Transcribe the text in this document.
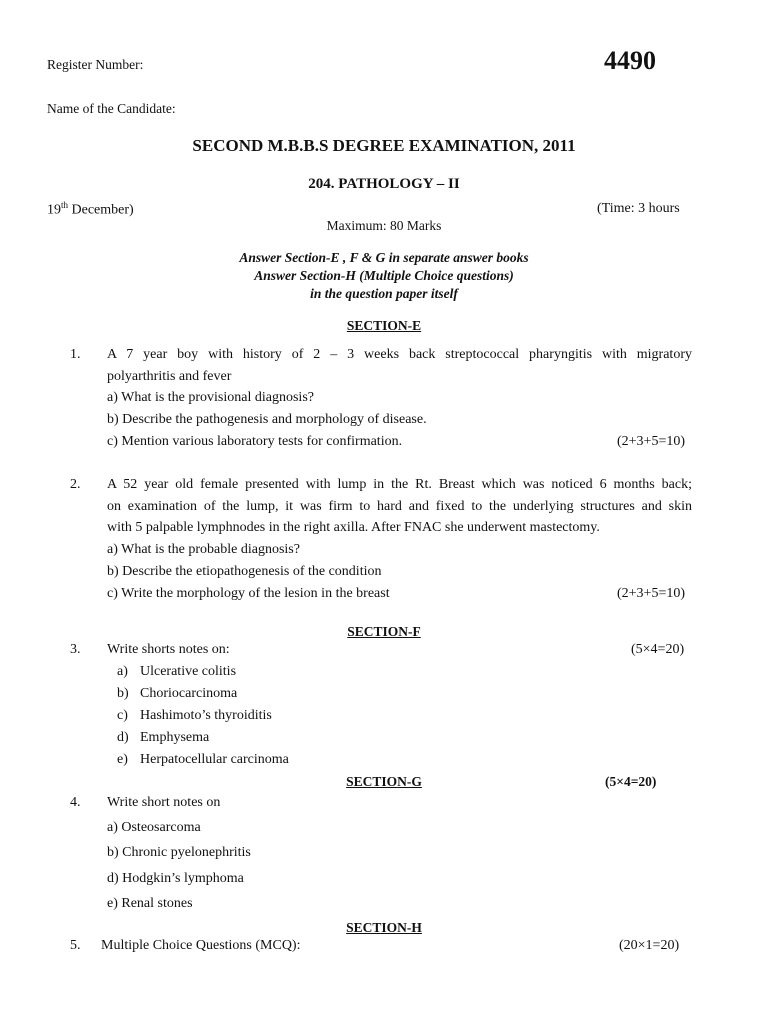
Register Number:	4490
Name of the Candidate:
SECOND M.B.B.S DEGREE EXAMINATION, 2011
204. PATHOLOGY – II
19th December)	(Time: 3 hours
Maximum: 80 Marks
Answer Section-E , F & G in separate answer books
Answer Section-H (Multiple Choice questions)
in the question paper itself
SECTION-E
1. A 7 year boy with history of 2 – 3 weeks back streptococcal pharyngitis with migratory
polyarthritis and fever
a) What is the provisional diagnosis?
b) Describe the pathogenesis and morphology of disease.
c) Mention various laboratory tests for confirmation.	(2+3+5=10)
2. A 52 year old female presented with lump in the Rt. Breast which was noticed 6 months back;
on examination of the lump, it was firm to hard and fixed to the underlying structures and skin
with 5 palpable lymphnodes in the right axilla. After FNAC she underwent mastectomy.
a) What is the probable diagnosis?
b) Describe the etiopathogenesis of the condition
c) Write the morphology of the lesion in the breast	(2+3+5=10)
SECTION-F
3. Write shorts notes on:	(5×4=20)
a) Ulcerative colitis
b) Choriocarcinoma
c) Hashimoto’s thyroiditis
d) Emphysema
e) Herpatocellular carcinoma
SECTION-G	(5×4=20)
4. Write short notes on
a) Osteosarcoma
b) Chronic pyelonephritis
d) Hodgkin’s lymphoma
e) Renal stones
SECTION-H
5. Multiple Choice Questions (MCQ):	(20×1=20)
